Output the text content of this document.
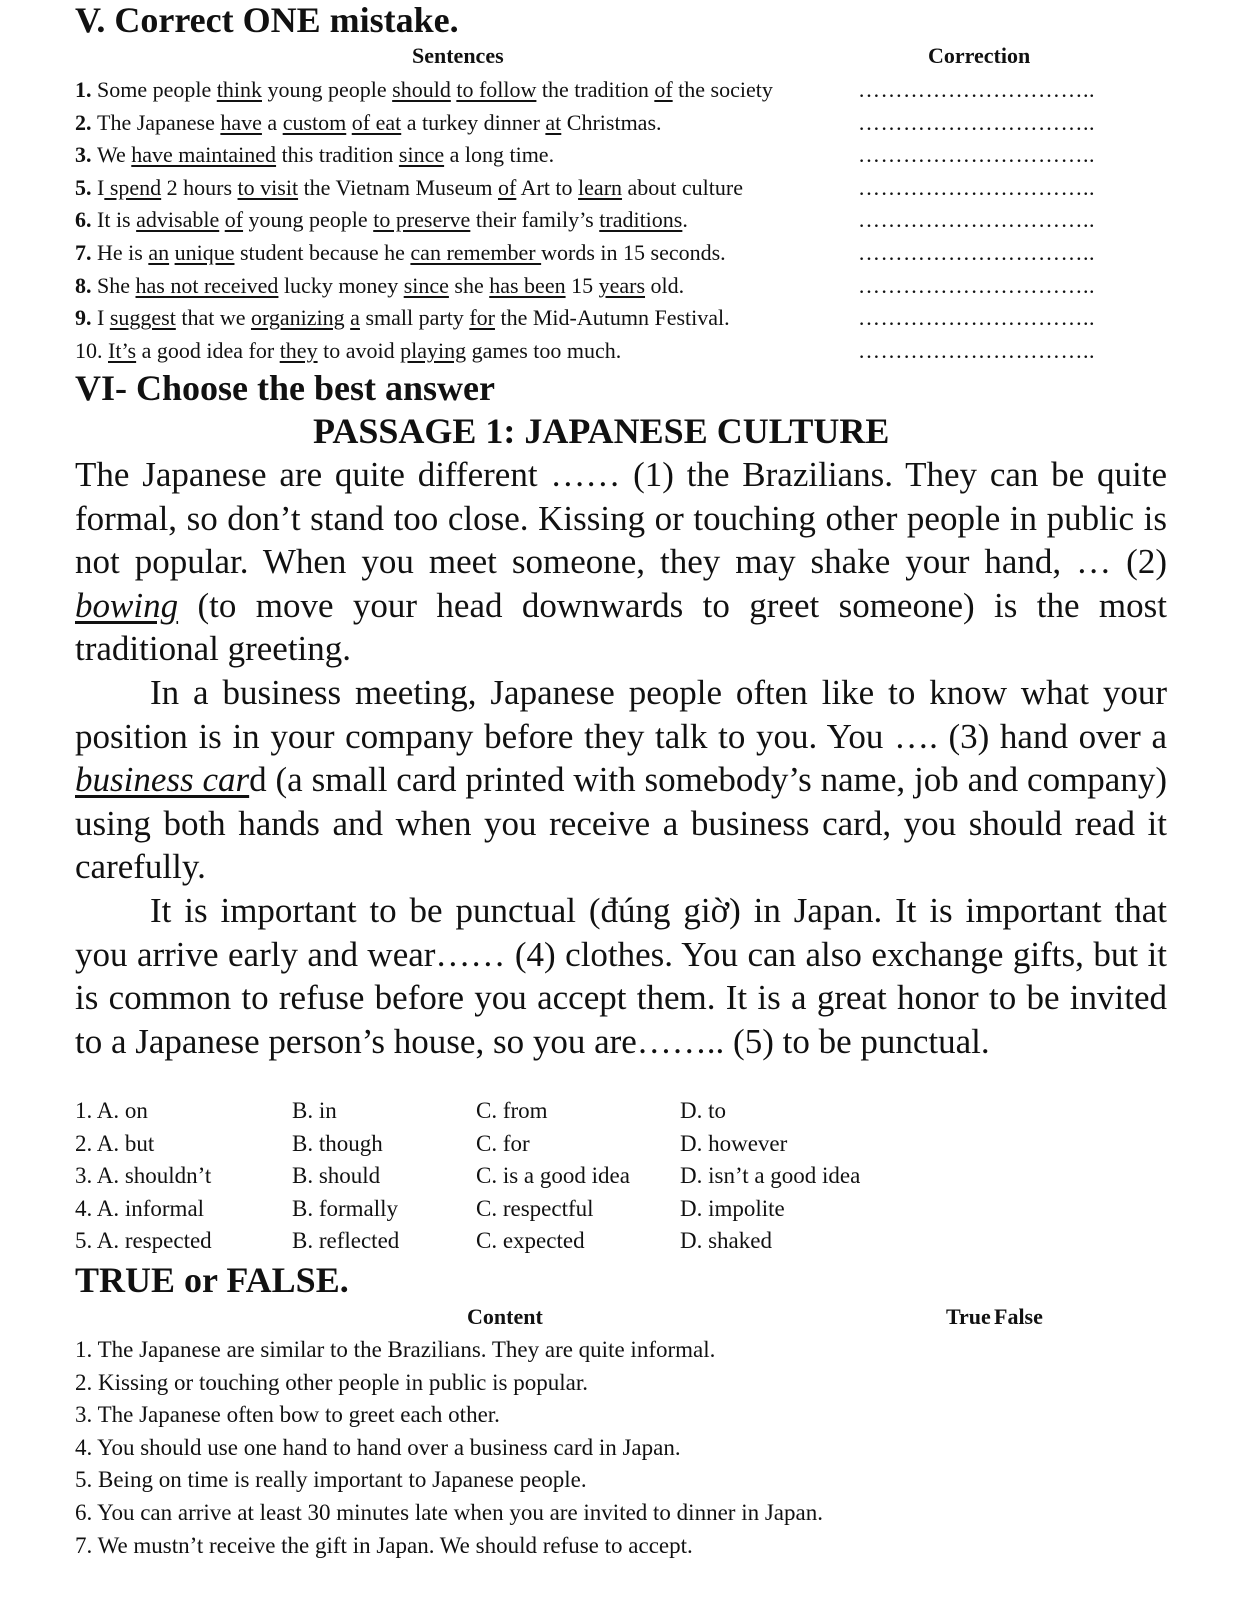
V. Correct ONE mistake.
Sentences	Correction
1. Some people think young people should to follow the tradition of the society	…………………………..
2. The Japanese have a custom of eat a turkey dinner at Christmas.	…………………………..
3. We have maintained this tradition since a long time.	…………………………..
5. I spend 2 hours to visit the Vietnam Museum of Art to learn about culture	…………………………..
6. It is advisable of young people to preserve their family’s traditions.	…………………………..
7. He is an unique student because he can remember words in 15 seconds.	…………………………..
8. She has not received lucky money since she has been 15 years old.	…………………………..
9. I suggest that we organizing a small party for the Mid-Autumn Festival.	…………………………..
10. It’s a good idea for they to avoid playing games too much.	…………………………..
VI- Choose the best answer
PASSAGE 1: JAPANESE CULTURE

The Japanese are quite different …… (1) the Brazilians. They can be quite formal, so don’t stand too close. Kissing or touching other people in public is not popular. When you meet someone, they may shake your hand, … (2) bowing (to move your head downwards to greet someone) is the most traditional greeting.

In a business meeting, Japanese people often like to know what your position is in your company before they talk to you. You …. (3) hand over a business card (a small card printed with somebody’s name, job and company) using both hands and when you receive a business card, you should read it carefully.

It is important to be punctual (đúng giờ) in Japan. It is important that you arrive early and wear…… (4) clothes. You can also exchange gifts, but it is common to refuse before you accept them. It is a great honor to be invited to a Japanese person’s house, so you are…….. (5) to be punctual.

1. A. on	B. in	C. from	D. to
2. A. but	B. though	C. for	D. however
3. A. shouldn’t	B. should	C. is a good idea D. isn’t a good idea
4. A. informal	B. formally	C. respectful	D. impolite
5. A. respected	B. reflected	C. expected	D. shaked
TRUE or FALSE.
Content	True False
1. The Japanese are similar to the Brazilians. They are quite informal.
2. Kissing or touching other people in public is popular.
3. The Japanese often bow to greet each other.
4. You should use one hand to hand over a business card in Japan.
5. Being on time is really important to Japanese people.
6. You can arrive at least 30 minutes late when you are invited to dinner in Japan.
7. We mustn’t receive the gift in Japan. We should refuse to accept.
